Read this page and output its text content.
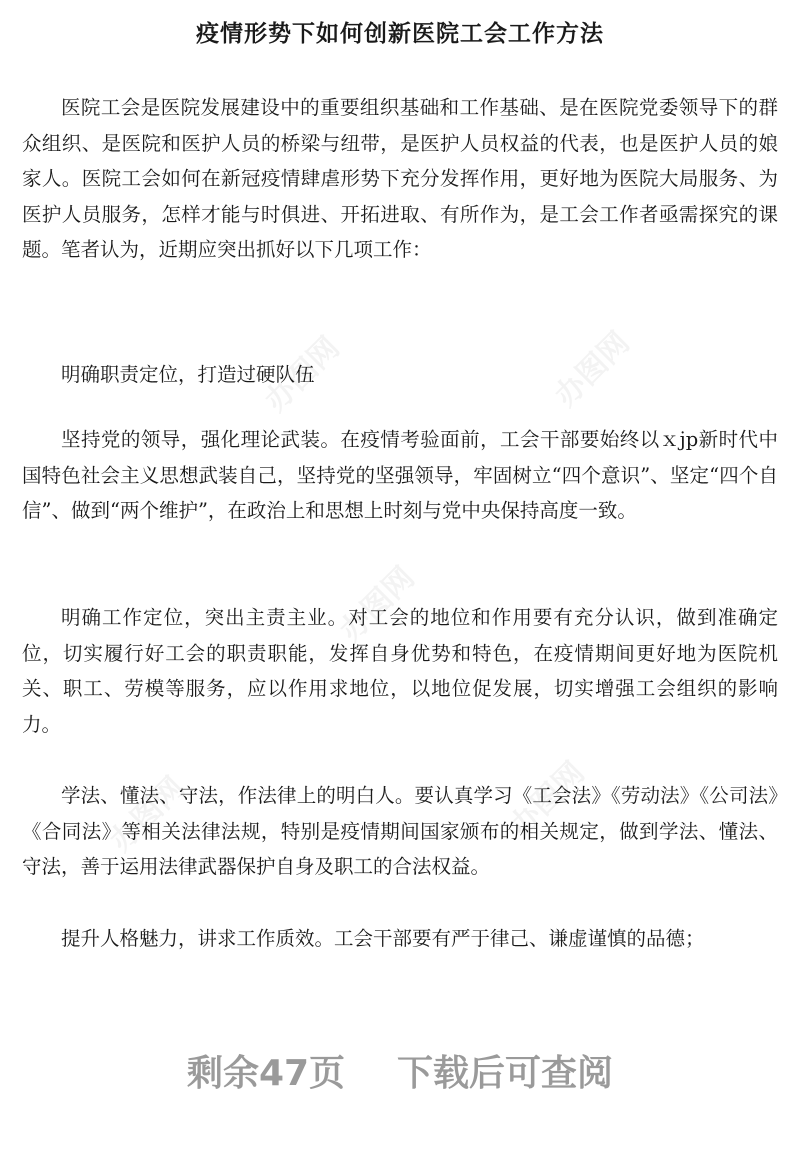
办图网	办图网
办图网
办图网	办图网
疫情形势下如何创新医院工会工作方法

医院工会是医院发展建设中的重要组织基础和工作基础、是在医院党委领导下的群众组织、是医院和医护人员的桥梁与纽带，是医护人员权益的代表，也是医护人员的娘家人。医院工会如何在新冠疫情肆虐形势下充分发挥作用，更好地为医院大局服务、为医护人员服务，怎样才能与时俱进、开拓进取、有所作为，是工会工作者亟需探究的课题。笔者认为，近期应突出抓好以下几项工作：

明确职责定位，打造过硬队伍

坚持党的领导，强化理论武装。在疫情考验面前，工会干部要始终以ｘjp新时代中国特色社会主义思想武装自己，坚持党的坚强领导，牢固树立“四个意识”、坚定“四个自信”、做到“两个维护”，在政治上和思想上时刻与党中央保持高度一致。

明确工作定位，突出主责主业。对工会的地位和作用要有充分认识，做到准确定位，切实履行好工会的职责职能，发挥自身优势和特色，在疫情期间更好地为医院机关、职工、劳模等服务，应以作用求地位，以地位促发展，切实增强工会组织的影响力。

学法、懂法、守法，作法律上的明白人。要认真学习《工会法》《劳动法》《公司法》《合同法》等相关法律法规，特别是疫情期间国家颁布的相关规定，做到学法、懂法、守法，善于运用法律武器保护自身及职工的合法权益。

提升人格魅力，讲求工作质效。工会干部要有严于律己、谦虚谨慎的品德；

剩余47页 下载后可查阅
